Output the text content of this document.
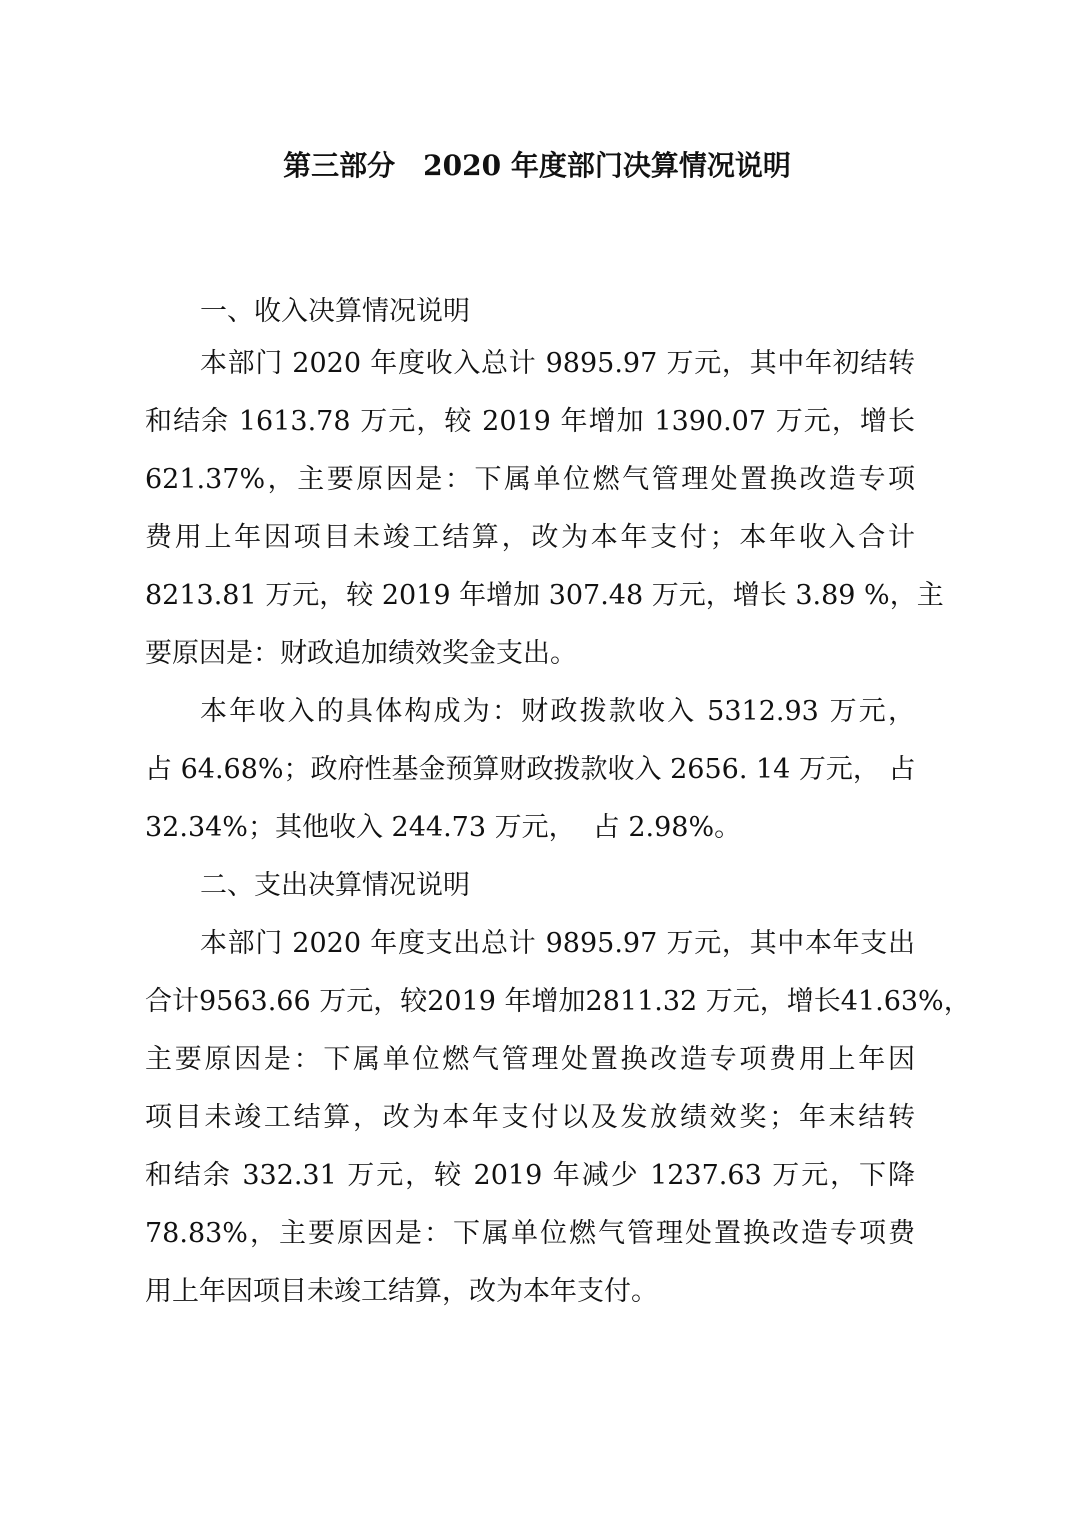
第三部分　2020 年度部门决算情况说明
一、收入决算情况说明
本部门 2020 年度收入总计 9895.97 万元，其中年初结转
和结余 1613.78 万元，较 2019 年增加 1390.07 万元，增长
621.37%，主要原因是：下属单位燃气管理处置换改造专项
费用上年因项目未竣工结算，改为本年支付；本年收入合计
8213.81 万元，较 2019 年增加 307.48 万元，增长 3.89 %，主
要原因是：财政追加绩效奖金支出。
本年收入的具体构成为：财政拨款收入 5312.93 万元，
占 64.68%；政府性基金预算财政拨款收入 2656. 14 万元， 占
32.34%；其他收入 244.73 万元，  占 2.98%。
二、支出决算情况说明
本部门 2020 年度支出总计 9895.97 万元，其中本年支出
合计9563.66 万元，较2019 年增加2811.32 万元，增长41.63%，
主要原因是：下属单位燃气管理处置换改造专项费用上年因
项目未竣工结算，改为本年支付以及发放绩效奖；年末结转
和结余 332.31 万元，较 2019 年减少 1237.63 万元，下降
78.83%，主要原因是：下属单位燃气管理处置换改造专项费
用上年因项目未竣工结算，改为本年支付。
